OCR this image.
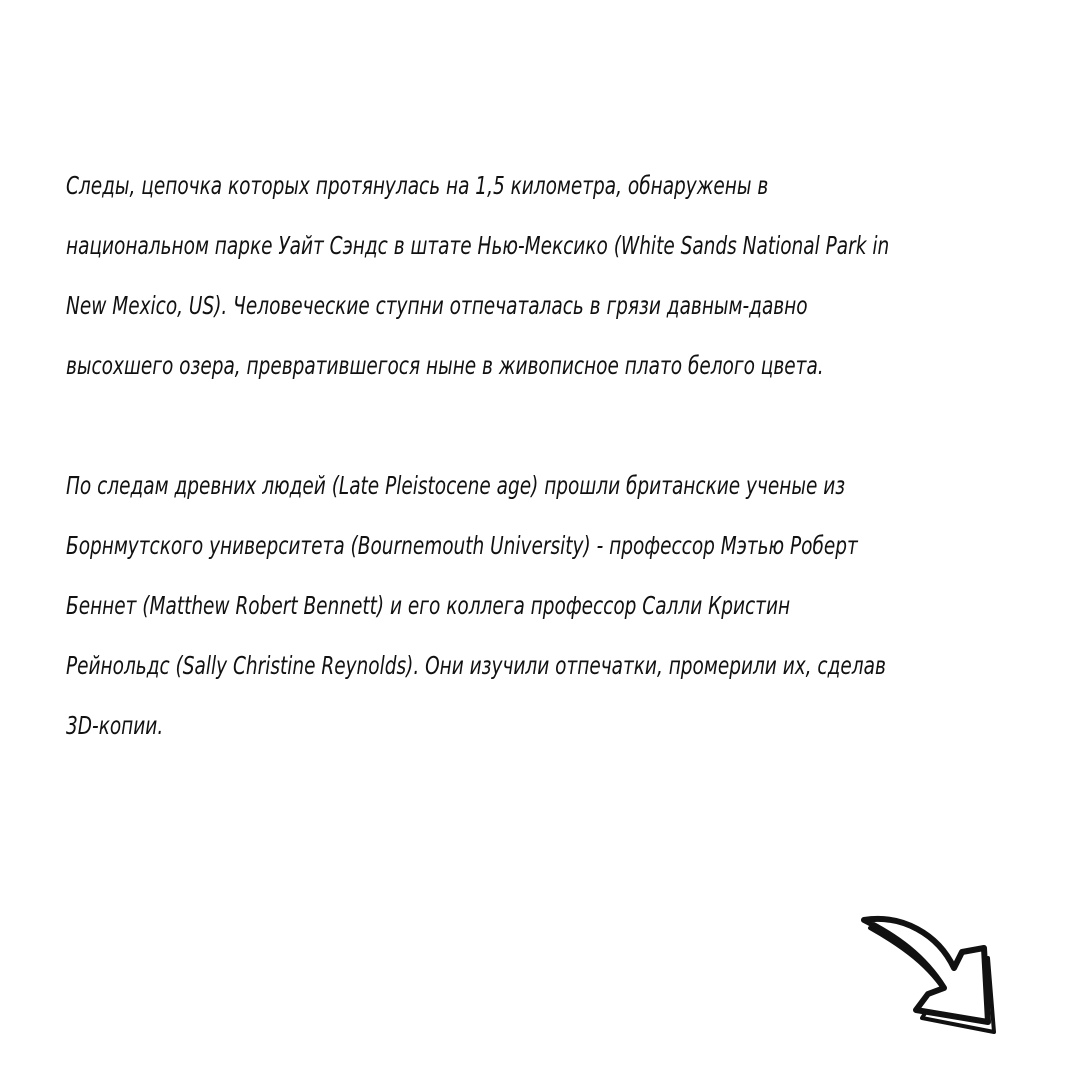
Следы, цепочка которых протянулась на 1,5 километра, обнаружены в
национальном парке Уайт Сэндс в штате Нью-Мексико (White Sands National Park in
New Mexico, US). Человеческие ступни отпечаталась в грязи давным-давно
высохшего озера, превратившегося ныне в живописное плато белого цвета.

По следам древних людей (Late Pleistocene age) прошли британские ученые из
Борнмутского университета (Bournemouth University) - профессор Мэтью Роберт
Беннет (Matthew Robert Bennett) и его коллега профессор Салли Кристин
Рейнольдс (Sally Christine Reynolds). Они изучили отпечатки, промерили их, сделав
3D-копии.
